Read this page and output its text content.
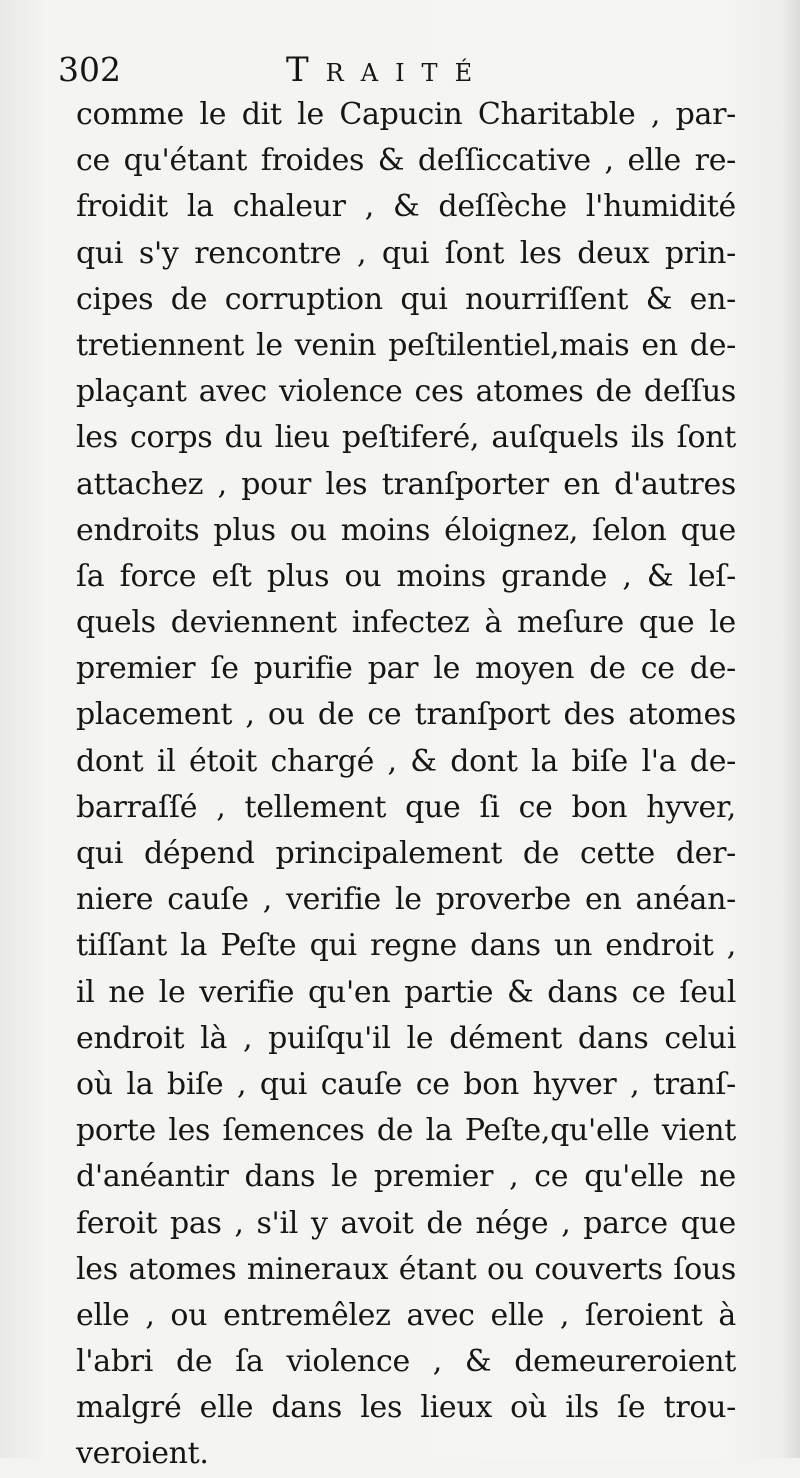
302	Traité
comme le dit le Capucin Charitable , par-
ce qu'étant froides & deſſiccative , elle re-
froidit la chaleur , & deſſèche l'humidité
qui s'y rencontre , qui ſont les deux prin-
cipes de corruption qui nourriſſent & en-
tretiennent le venin peſtilentiel,mais en de-
plaçant avec violence ces atomes de deſſus
les corps du lieu peſtiferé, auſquels ils ſont
attachez , pour les tranſporter en d'autres
endroits plus ou moins éloignez, ſelon que
ſa force eſt plus ou moins grande , & leſ-
quels deviennent infectez à meſure que le
premier ſe purifie par le moyen de ce de-
placement , ou de ce tranſport des atomes
dont il étoit chargé , & dont la biſe l'a de-
barraſſé , tellement que ſi ce bon hyver,
qui dépend principalement de cette der-
niere cauſe , verifie le proverbe en anéan-
tiſſant la Peſte qui regne dans un endroit ,
il ne le verifie qu'en partie & dans ce ſeul
endroit là , puiſqu'il le dément dans celui
où la biſe , qui cauſe ce bon hyver , tranſ-
porte les ſemences de la Peſte,qu'elle vient
d'anéantir dans le premier , ce qu'elle ne
feroit pas , s'il y avoit de nége , parce que
les atomes mineraux étant ou couverts ſous
elle , ou entremêlez avec elle , ſeroient à
l'abri de ſa violence , & demeureroient
malgré elle dans les lieux où ils ſe trou-
veroient.
